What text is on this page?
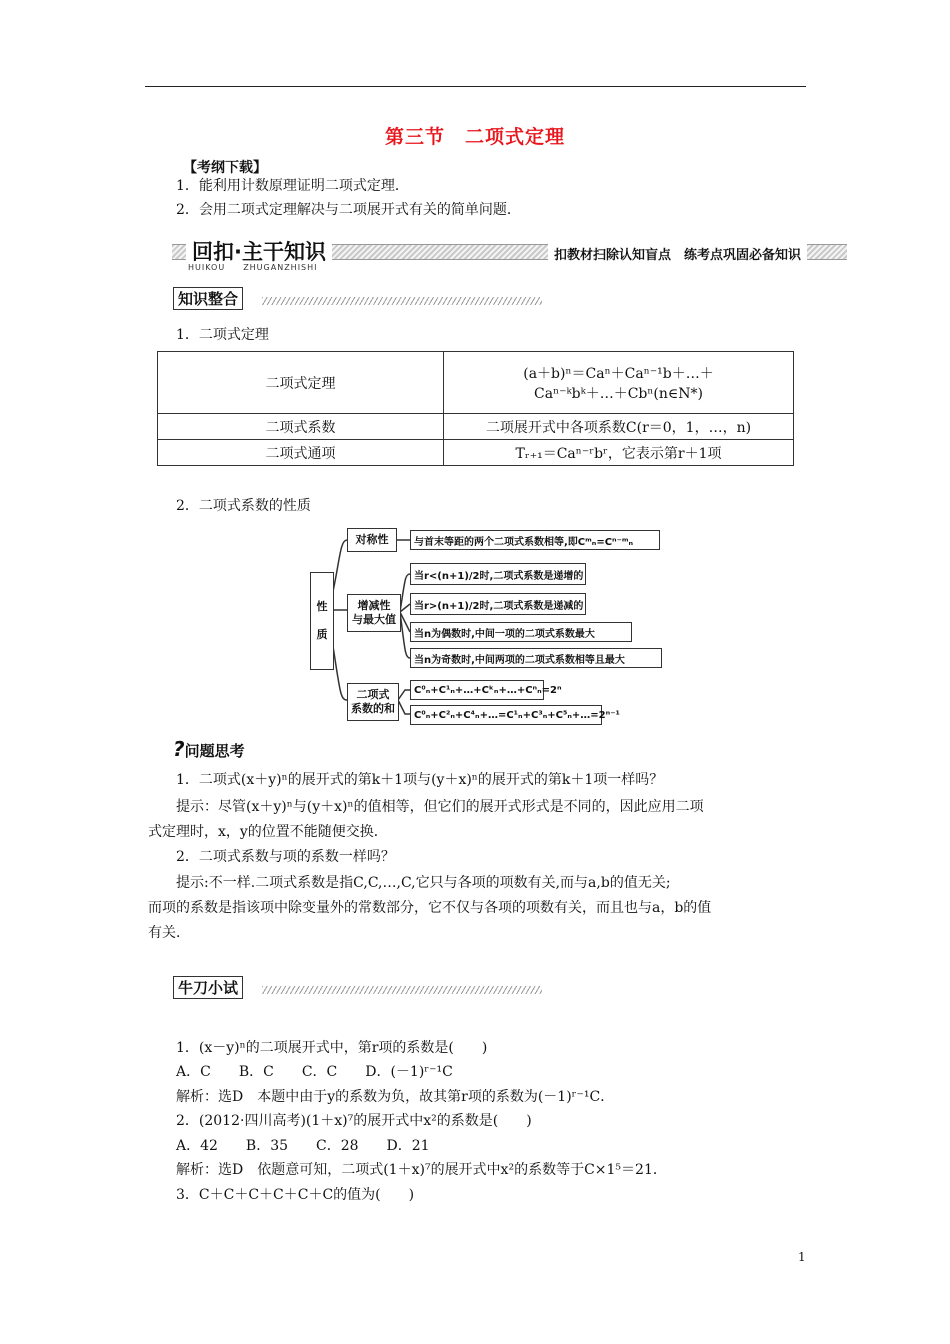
第三节　二项式定理
【考纲下载】
1．能利用计数原理证明二项式定理．
2．会用二项式定理解决与二项展开式有关的简单问题．
回扣·主干知识
HUIKOU　　ZHUGANZHISHI
扣教材扫除认知盲点　练考点巩固必备知识
知识整合
1．二项式定理
二项式定理	(a＋b)ⁿ＝Caⁿ＋Caⁿ⁻¹b＋…＋
Caⁿ⁻ᵏbᵏ＋…＋Cbⁿ(n∈N*)

二项式系数	二项展开式中各项系数C(r＝0，1，…，n)
二项式通项	Tᵣ₊₁＝Caⁿ⁻ʳbʳ，它表示第r＋1项
2．二项式系数的性质
性

质
对称性
增减性
与最大值
二项式
系数的和
与首末等距的两个二项式系数相等,即Cᵐₙ=Cⁿ⁻ᵐₙ
当r<(n+1)/2时,二项式系数是递增的
当r>(n+1)/2时,二项式系数是递减的
当n为偶数时,中间一项的二项式系数最大
当n为奇数时,中间两项的二项式系数相等且最大
C⁰ₙ+C¹ₙ+…+Cᵏₙ+…+Cⁿₙ=2ⁿ
C⁰ₙ+C²ₙ+C⁴ₙ+…=C¹ₙ+C³ₙ+C⁵ₙ+…=2ⁿ⁻¹
?问题思考
1．二项式(x＋y)ⁿ的展开式的第k＋1项与(y＋x)ⁿ的展开式的第k＋1项一样吗？
提示：尽管(x＋y)ⁿ与(y＋x)ⁿ的值相等，但它们的展开式形式是不同的，因此应用二项
式定理时，x，y的位置不能随便交换．
2．二项式系数与项的系数一样吗？
提示:不一样.二项式系数是指C,C,…,C,它只与各项的项数有关,而与a,b的值无关;
而项的系数是指该项中除变量外的常数部分，它不仅与各项的项数有关，而且也与a，b的值
有关．
牛刀小试
1．(x－y)ⁿ的二项展开式中，第r项的系数是(　　)
A．C　　B．C　　C．C　　D．(－1)ʳ⁻¹C
解析：选D　本题中由于y的系数为负，故其第r项的系数为(－1)ʳ⁻¹C．
2．(2012·四川高考)(1＋x)⁷的展开式中x²的系数是(　　)
A．42　　B．35　　C．28　　D．21
解析：选D　依题意可知，二项式(1＋x)⁷的展开式中x²的系数等于C×1⁵＝21．
3．C＋C＋C＋C＋C＋C的值为(　　)
1
